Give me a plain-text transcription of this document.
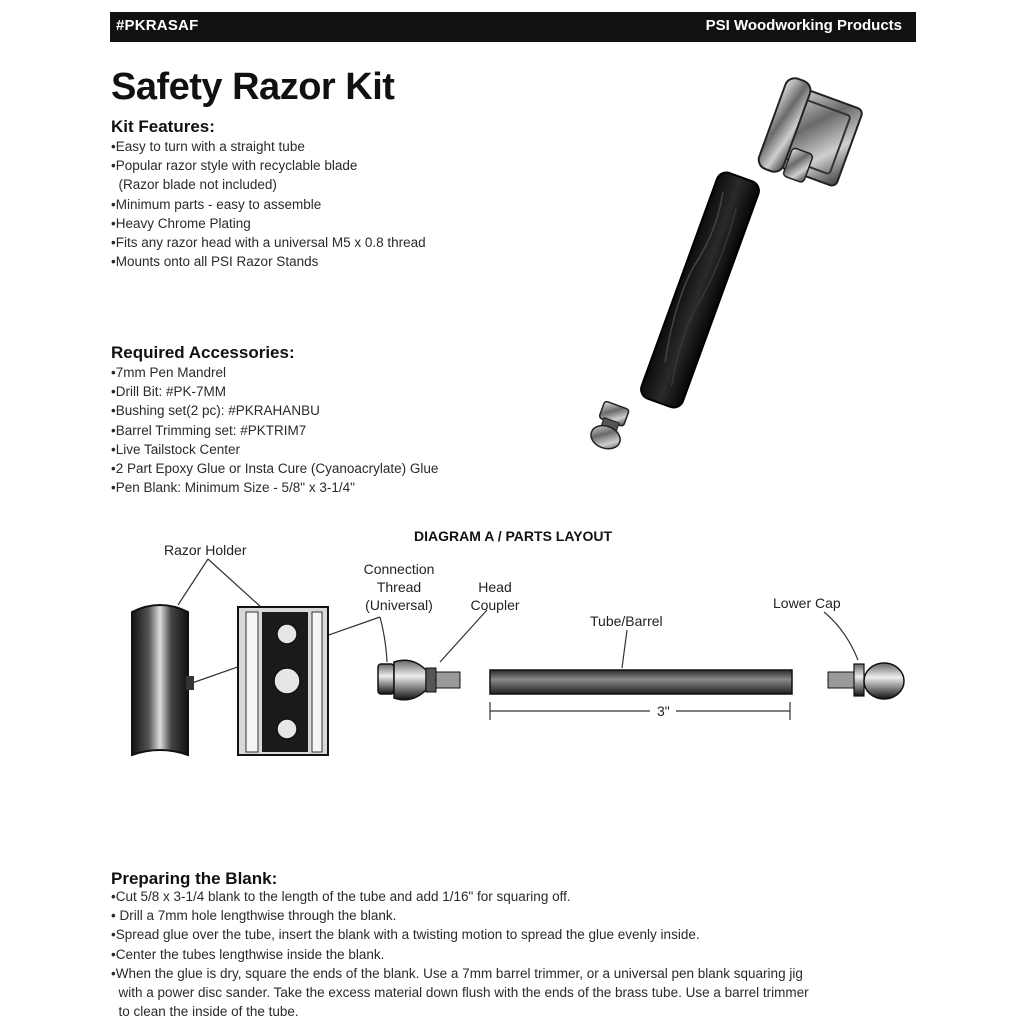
#PKRASAF	PSI Woodworking Products
Safety Razor Kit
Kit Features:
• Easy to turn with a straight tube
• Popular razor style with recyclable blade
(Razor blade not included)
• Minimum parts - easy to assemble
• Heavy Chrome Plating
• Fits any razor head with a universal M5 x 0.8 thread
• Mounts onto all PSI Razor Stands
Required Accessories:
• 7mm Pen Mandrel
• Drill Bit: #PK-7MM
• Bushing set(2 pc): #PKRAHANBU
• Barrel Trimming set: #PKTRIM7
• Live Tailstock Center
• 2 Part Epoxy Glue or Insta Cure (Cyanoacrylate) Glue
• Pen Blank: Minimum Size - 5/8" x 3-1/4"
DIAGRAM A / PARTS LAYOUT
Razor Holder
Connection
Thread
(Universal)
Head
Coupler
Tube/Barrel
Lower Cap
3"
Preparing the Blank:
• Cut 5/8 x 3-1/4 blank to the length of the tube and add 1/16" for squaring off.
• Drill a 7mm hole lengthwise through the blank.
• Spread glue over the tube, insert the blank with a twisting motion to spread the glue evenly inside.
• Center the tubes lengthwise inside the blank.
• When the glue is dry, square the ends of the blank. Use a 7mm barrel trimmer, or a universal pen blank squaring jig
with a power disc sander. Take the excess material down flush with the ends of the brass tube. Use a barrel trimmer
to clean the inside of the tube.
